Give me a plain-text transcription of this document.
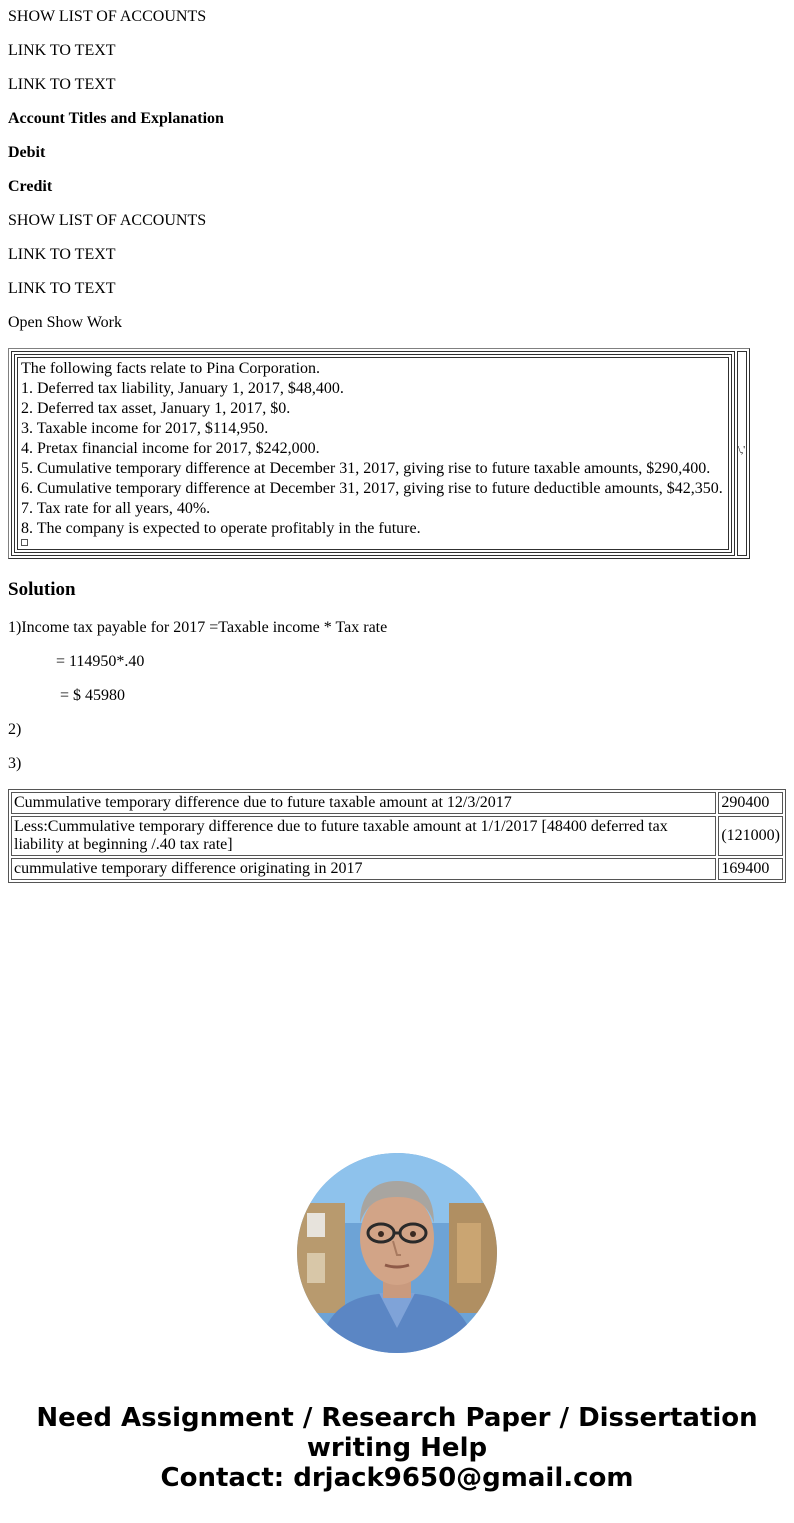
SHOW LIST OF ACCOUNTS
LINK TO TEXT
LINK TO TEXT
Account Titles and Explanation
Debit
Credit
SHOW LIST OF ACCOUNTS
LINK TO TEXT
LINK TO TEXT
Open Show Work
The following facts relate to Pina Corporation.
1. Deferred tax liability, January 1, 2017, $48,400.
2. Deferred tax asset, January 1, 2017, $0.
3. Taxable income for 2017, $114,950.
4. Pretax financial income for 2017, $242,000.
5. Cumulative temporary difference at December 31, 2017, giving rise to future taxable amounts, $290,400.
6. Cumulative temporary difference at December 31, 2017, giving rise to future deductible amounts, $42,350.
7. Tax rate for all years, 40%.
8. The company is expected to operate profitably in the future.
\,'
Solution
1)Income tax payable for 2017 =Taxable income * Tax rate
= 114950*.40
= $ 45980
2)
3)
Cummulative temporary difference due to future taxable amount at 12/3/2017	290400
Less:Cummulative temporary difference due to future taxable amount at 1/1/2017 [48400 deferred tax liability at beginning /.40 tax rate]	(121000)
cummulative temporary difference originating in 2017	169400
Need Assignment / Research Paper / Dissertation writing Help
Contact: drjack9650@gmail.com
